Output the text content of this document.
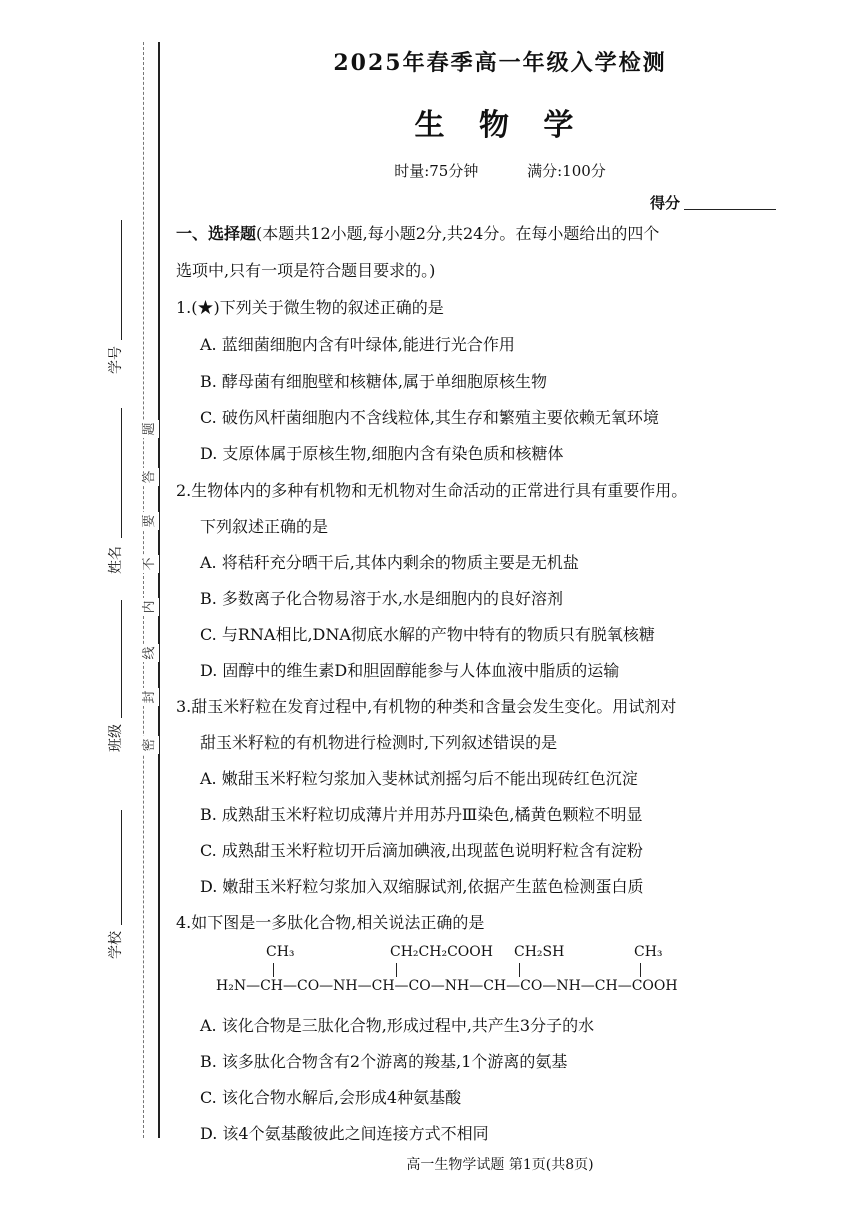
密
封
线
内
不
要
答
题
学校
班级
姓名
学号
2025年春季高一年级入学检测
生 物 学
时量:75分钟	满分:100分
得分
一、选择题(本题共12小题,每小题2分,共24分。在每小题给出的四个
选项中,只有一项是符合题目要求的。)
1.(★)下列关于微生物的叙述正确的是
A. 蓝细菌细胞内含有叶绿体,能进行光合作用
B. 酵母菌有细胞壁和核糖体,属于单细胞原核生物
C. 破伤风杆菌细胞内不含线粒体,其生存和繁殖主要依赖无氧环境
D. 支原体属于原核生物,细胞内含有染色质和核糖体
2.生物体内的多种有机物和无机物对生命活动的正常进行具有重要作用。
下列叙述正确的是
A. 将秸秆充分晒干后,其体内剩余的物质主要是无机盐
B. 多数离子化合物易溶于水,水是细胞内的良好溶剂
C. 与RNA相比,DNA彻底水解的产物中特有的物质只有脱氧核糖
D. 固醇中的维生素D和胆固醇能参与人体血液中脂质的运输
3.甜玉米籽粒在发育过程中,有机物的种类和含量会发生变化。用试剂对
甜玉米籽粒的有机物进行检测时,下列叙述错误的是
A. 嫩甜玉米籽粒匀浆加入斐林试剂摇匀后不能出现砖红色沉淀
B. 成熟甜玉米籽粒切成薄片并用苏丹Ⅲ染色,橘黄色颗粒不明显
C. 成熟甜玉米籽粒切开后滴加碘液,出现蓝色说明籽粒含有淀粉
D. 嫩甜玉米籽粒匀浆加入双缩脲试剂,依据产生蓝色检测蛋白质
4.如下图是一多肽化合物,相关说法正确的是
CH₃	CH₂CH₂COOH CH₂SH	CH₃
H₂N—CH—CO—NH—CH—CO—NH—CH—CO—NH—CH—COOH
A. 该化合物是三肽化合物,形成过程中,共产生3分子的水
B. 该多肽化合物含有2个游离的羧基,1个游离的氨基
C. 该化合物水解后,会形成4种氨基酸
D. 该4个氨基酸彼此之间连接方式不相同
高一生物学试题 第1页(共8页)
